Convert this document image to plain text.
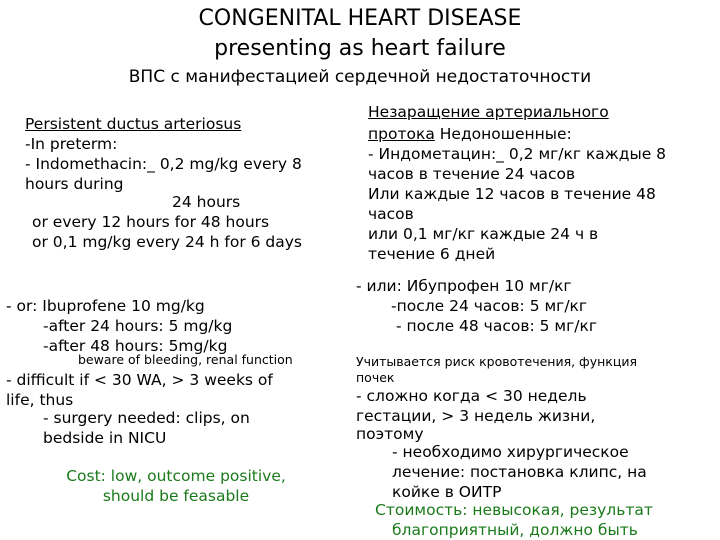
CONGENITAL HEART DISEASE
presenting as heart failure
ВПС с манифестацией сердечной недостаточности
Persistent ductus arteriosus
-In preterm:
- Indomethacin:_ 0,2 mg/kg every 8
hours during
24 hours
or every 12 hours for 48 hours
or 0,1 mg/kg every 24 h for 6 days
Незаращение артериального
протока Недоношенные:
- Индометацин:_ 0,2 мг/кг каждые 8
часов в течение 24 часов
Или каждые 12 часов в течение 48
часов
или 0,1 мг/кг каждые 24 ч в
течение 6 дней
- or: Ibuprofene 10 mg/kg
-after 24 hours: 5 mg/kg
-after 48 hours: 5mg/kg
beware of bleeding, renal function
- difficult if < 30 WA, > 3 weeks of
life, thus
- surgery needed: clips, on
bedside in NICU
Cost: low, outcome positive,
should be feasable
- или: Ибупрофен 10 мг/кг
-после 24 часов: 5 мг/кг
- после 48 часов: 5 мг/кг
Учитывается риск кровотечения, функция
почек
- сложно когда < 30 недель
гестации, > 3 недель жизни,
поэтому
- необходимо хирургическое
лечение: постановка клипс, на
койке в ОИТР
Стоимость: невысокая, результат
благоприятный, должно быть
